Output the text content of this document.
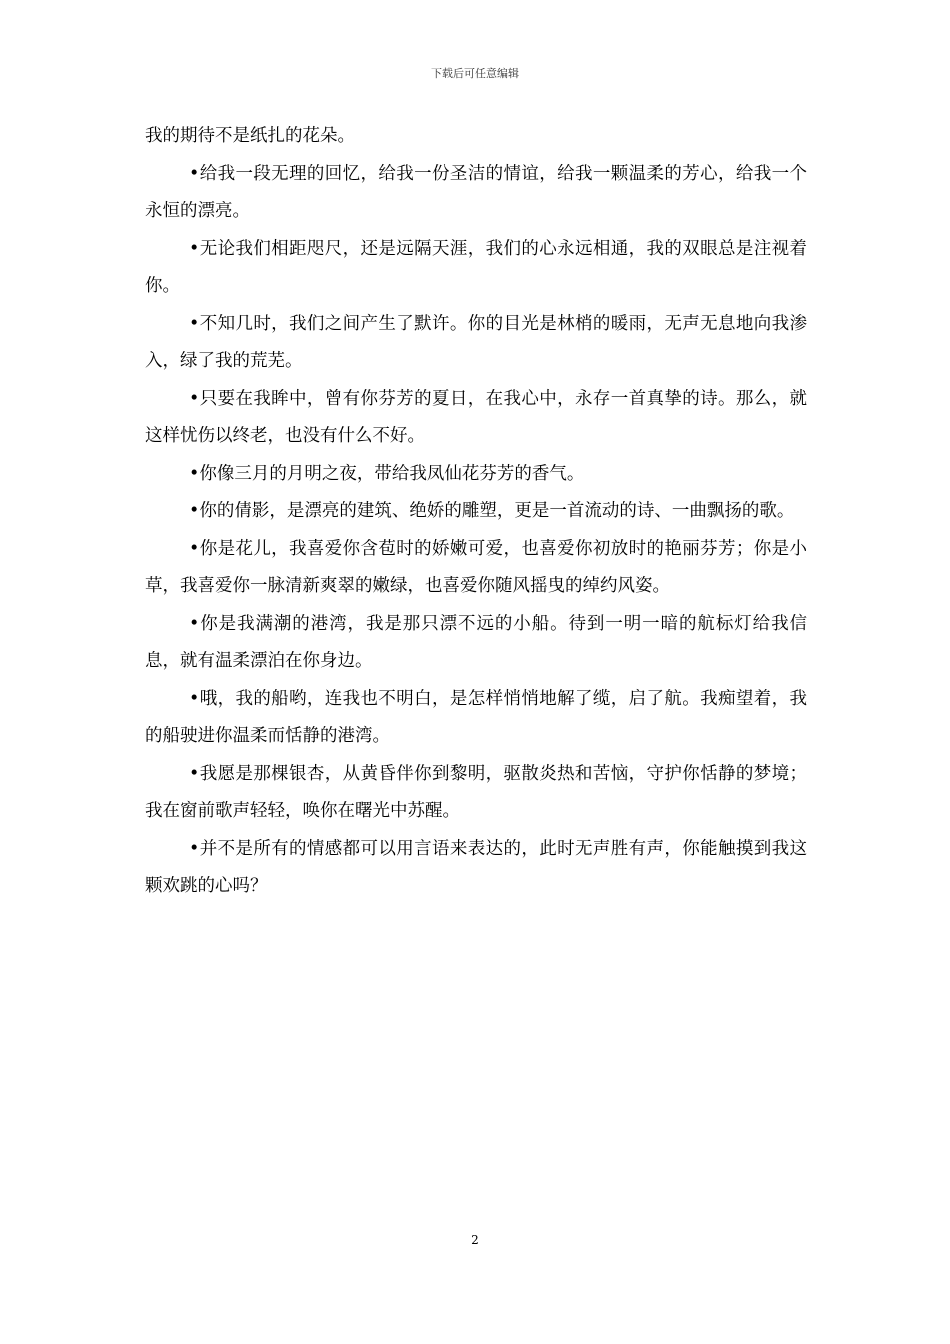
下载后可任意编辑

我的期待不是纸扎的花朵。

•给我一段无理的回忆，给我一份圣洁的情谊，给我一颗温柔的芳心，给我一个永恒的漂亮。

•无论我们相距咫尺，还是远隔天涯，我们的心永远相通，我的双眼总是注视着你。

•不知几时，我们之间产生了默许。你的目光是林梢的暖雨，无声无息地向我渗入，绿了我的荒芜。

•只要在我眸中，曾有你芬芳的夏日，在我心中，永存一首真挚的诗。那么，就这样忧伤以终老，也没有什么不好。

•你像三月的月明之夜，带给我凤仙花芬芳的香气。

•你的倩影，是漂亮的建筑、绝娇的雕塑，更是一首流动的诗、一曲飘扬的歌。

•你是花儿，我喜爱你含苞时的娇嫩可爱，也喜爱你初放时的艳丽芬芳；你是小草，我喜爱你一脉清新爽翠的嫩绿，也喜爱你随风摇曳的绰约风姿。

•你是我满潮的港湾，我是那只漂不远的小船。待到一明一暗的航标灯给我信息，就有温柔漂泊在你身边。

•哦，我的船哟，连我也不明白，是怎样悄悄地解了缆，启了航。我痴望着，我的船驶进你温柔而恬静的港湾。

•我愿是那棵银杏，从黄昏伴你到黎明，驱散炎热和苦恼，守护你恬静的梦境；我在窗前歌声轻轻，唤你在曙光中苏醒。

•并不是所有的情感都可以用言语来表达的，此时无声胜有声，你能触摸到我这颗欢跳的心吗？

2
